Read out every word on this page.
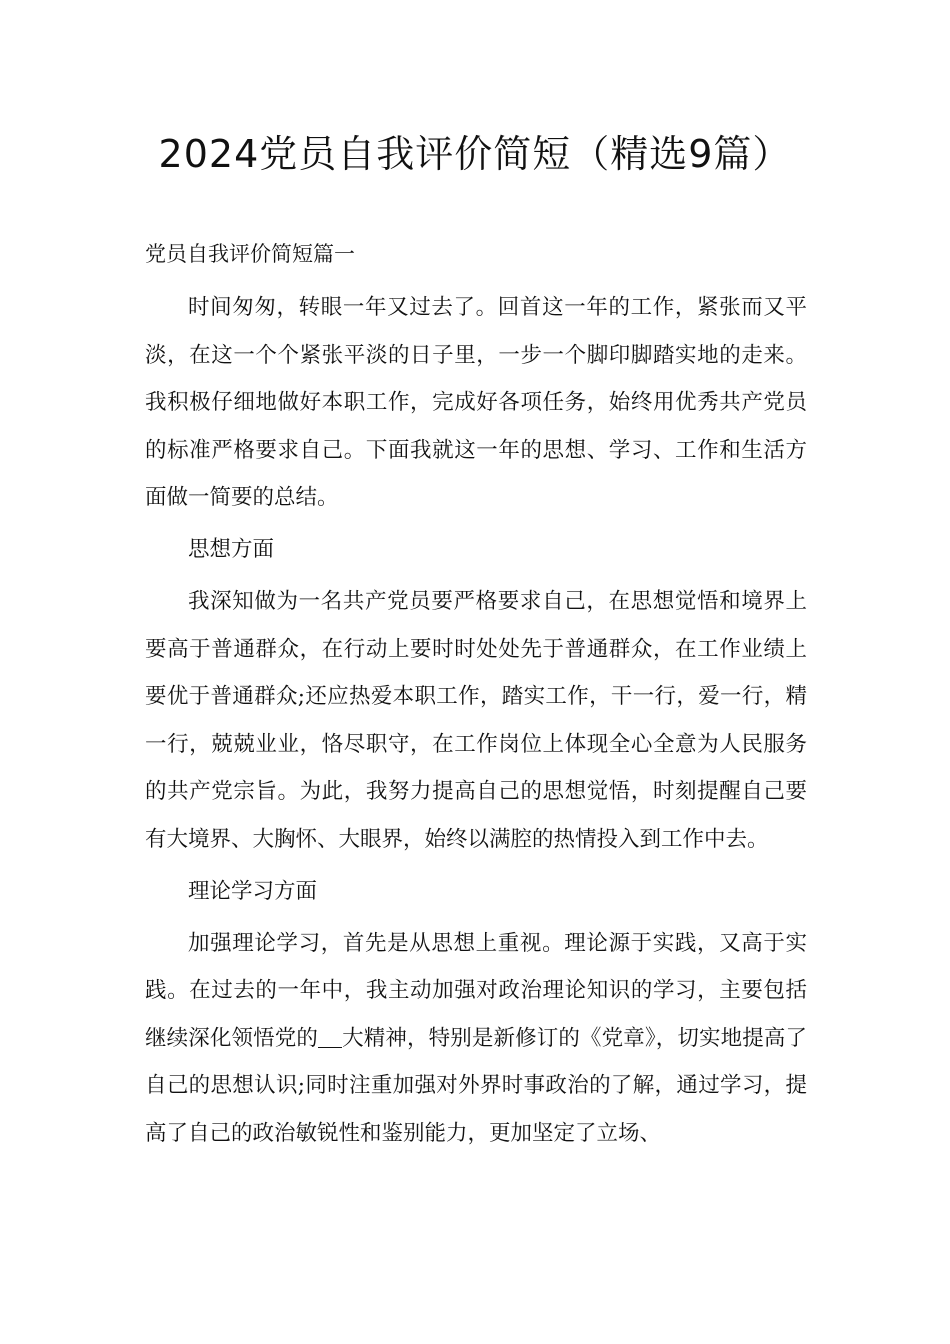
2024党员自我评价简短（精选9篇）
党员自我评价简短篇一

时间匆匆，转眼一年又过去了。回首这一年的工作，紧张而又平淡，在这一个个紧张平淡的日子里，一步一个脚印脚踏实地的走来。我积极仔细地做好本职工作，完成好各项任务，始终用优秀共产党员的标准严格要求自己。下面我就这一年的思想、学习、工作和生活方面做一简要的总结。

思想方面

我深知做为一名共产党员要严格要求自己，在思想觉悟和境界上要高于普通群众，在行动上要时时处处先于普通群众，在工作业绩上要优于普通群众;还应热爱本职工作，踏实工作，干一行，爱一行，精一行，兢兢业业，恪尽职守，在工作岗位上体现全心全意为人民服务的共产党宗旨。为此，我努力提高自己的思想觉悟，时刻提醒自己要有大境界、大胸怀、大眼界，始终以满腔的热情投入到工作中去。

理论学习方面

加强理论学习，首先是从思想上重视。理论源于实践，又高于实践。在过去的一年中，我主动加强对政治理论知识的学习，主要包括继续深化领悟党的 大精神，特别是新修订的《党章》，切实地提高了自己的思想认识;同时注重加强对外界时事政治的了解，通过学习，提高了自己的政治敏锐性和鉴别能力，更加坚定了立场、
